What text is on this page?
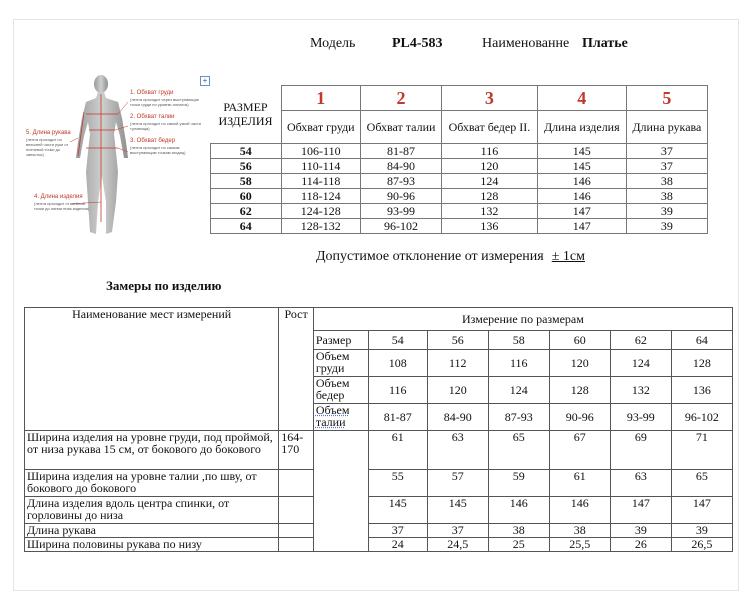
Модель	PL4-583	Наименованне Платье
1. Обхват груди
(лента проходит через выступающие точки груди по уровню лопаток)
2. Обхват талии
(лента проходит по самой узкой части туловища)
3. Обхват бедер
(лента проходит по самым выступающим точкам ягодиц)
5. Длина рукава
(лента проходит по внешней части руки от плечевой точки до запястья)
4. Длина изделия
(лента проходит от шейной точки до линии низа изделия)
+
РАЗМЕР ИЗДЕЛИЯ	1	2	3	4	5
	Обхват груди	Обхват талии	Обхват бедер II.	Длина изделия	Длина рукава
54	106-110	81-87	116	145	37
56	110-114	84-90	120	145	37
58	114-118	87-93	124	146	38
60	118-124	90-96	128	146	38
62	124-128	93-99	132	147	39
64	128-132	96-102	136	147	39
Допустимое отклонение от измерения ± 1см
Замеры по изделию
Наименование мест измерений	Рост	Измерение по размерам						
		Размер	54	56	58	60	62	64
		Объем груди	108	112	116	120	124	128
		Объем бедер	116	120	124	128	132	136
		Объем талии	81-87	84-90	87-93	90-96	93-99	96-102
Ширина изделия на уровне груди, под проймой, от низа рукава 15 см, от бокового до бокового	164-170		61	63	65	67	69	71
Ширина изделия на уровне талии ,по шву, от бокового до бокового			55	57	59	61	63	65
Длина изделия вдоль центра спинки, от горловины до низа			145	145	146	146	147	147
Длина рукава			37	37	38	38	39	39
Ширина половины рукава по низу			24	24,5	25	25,5	26	26,5
